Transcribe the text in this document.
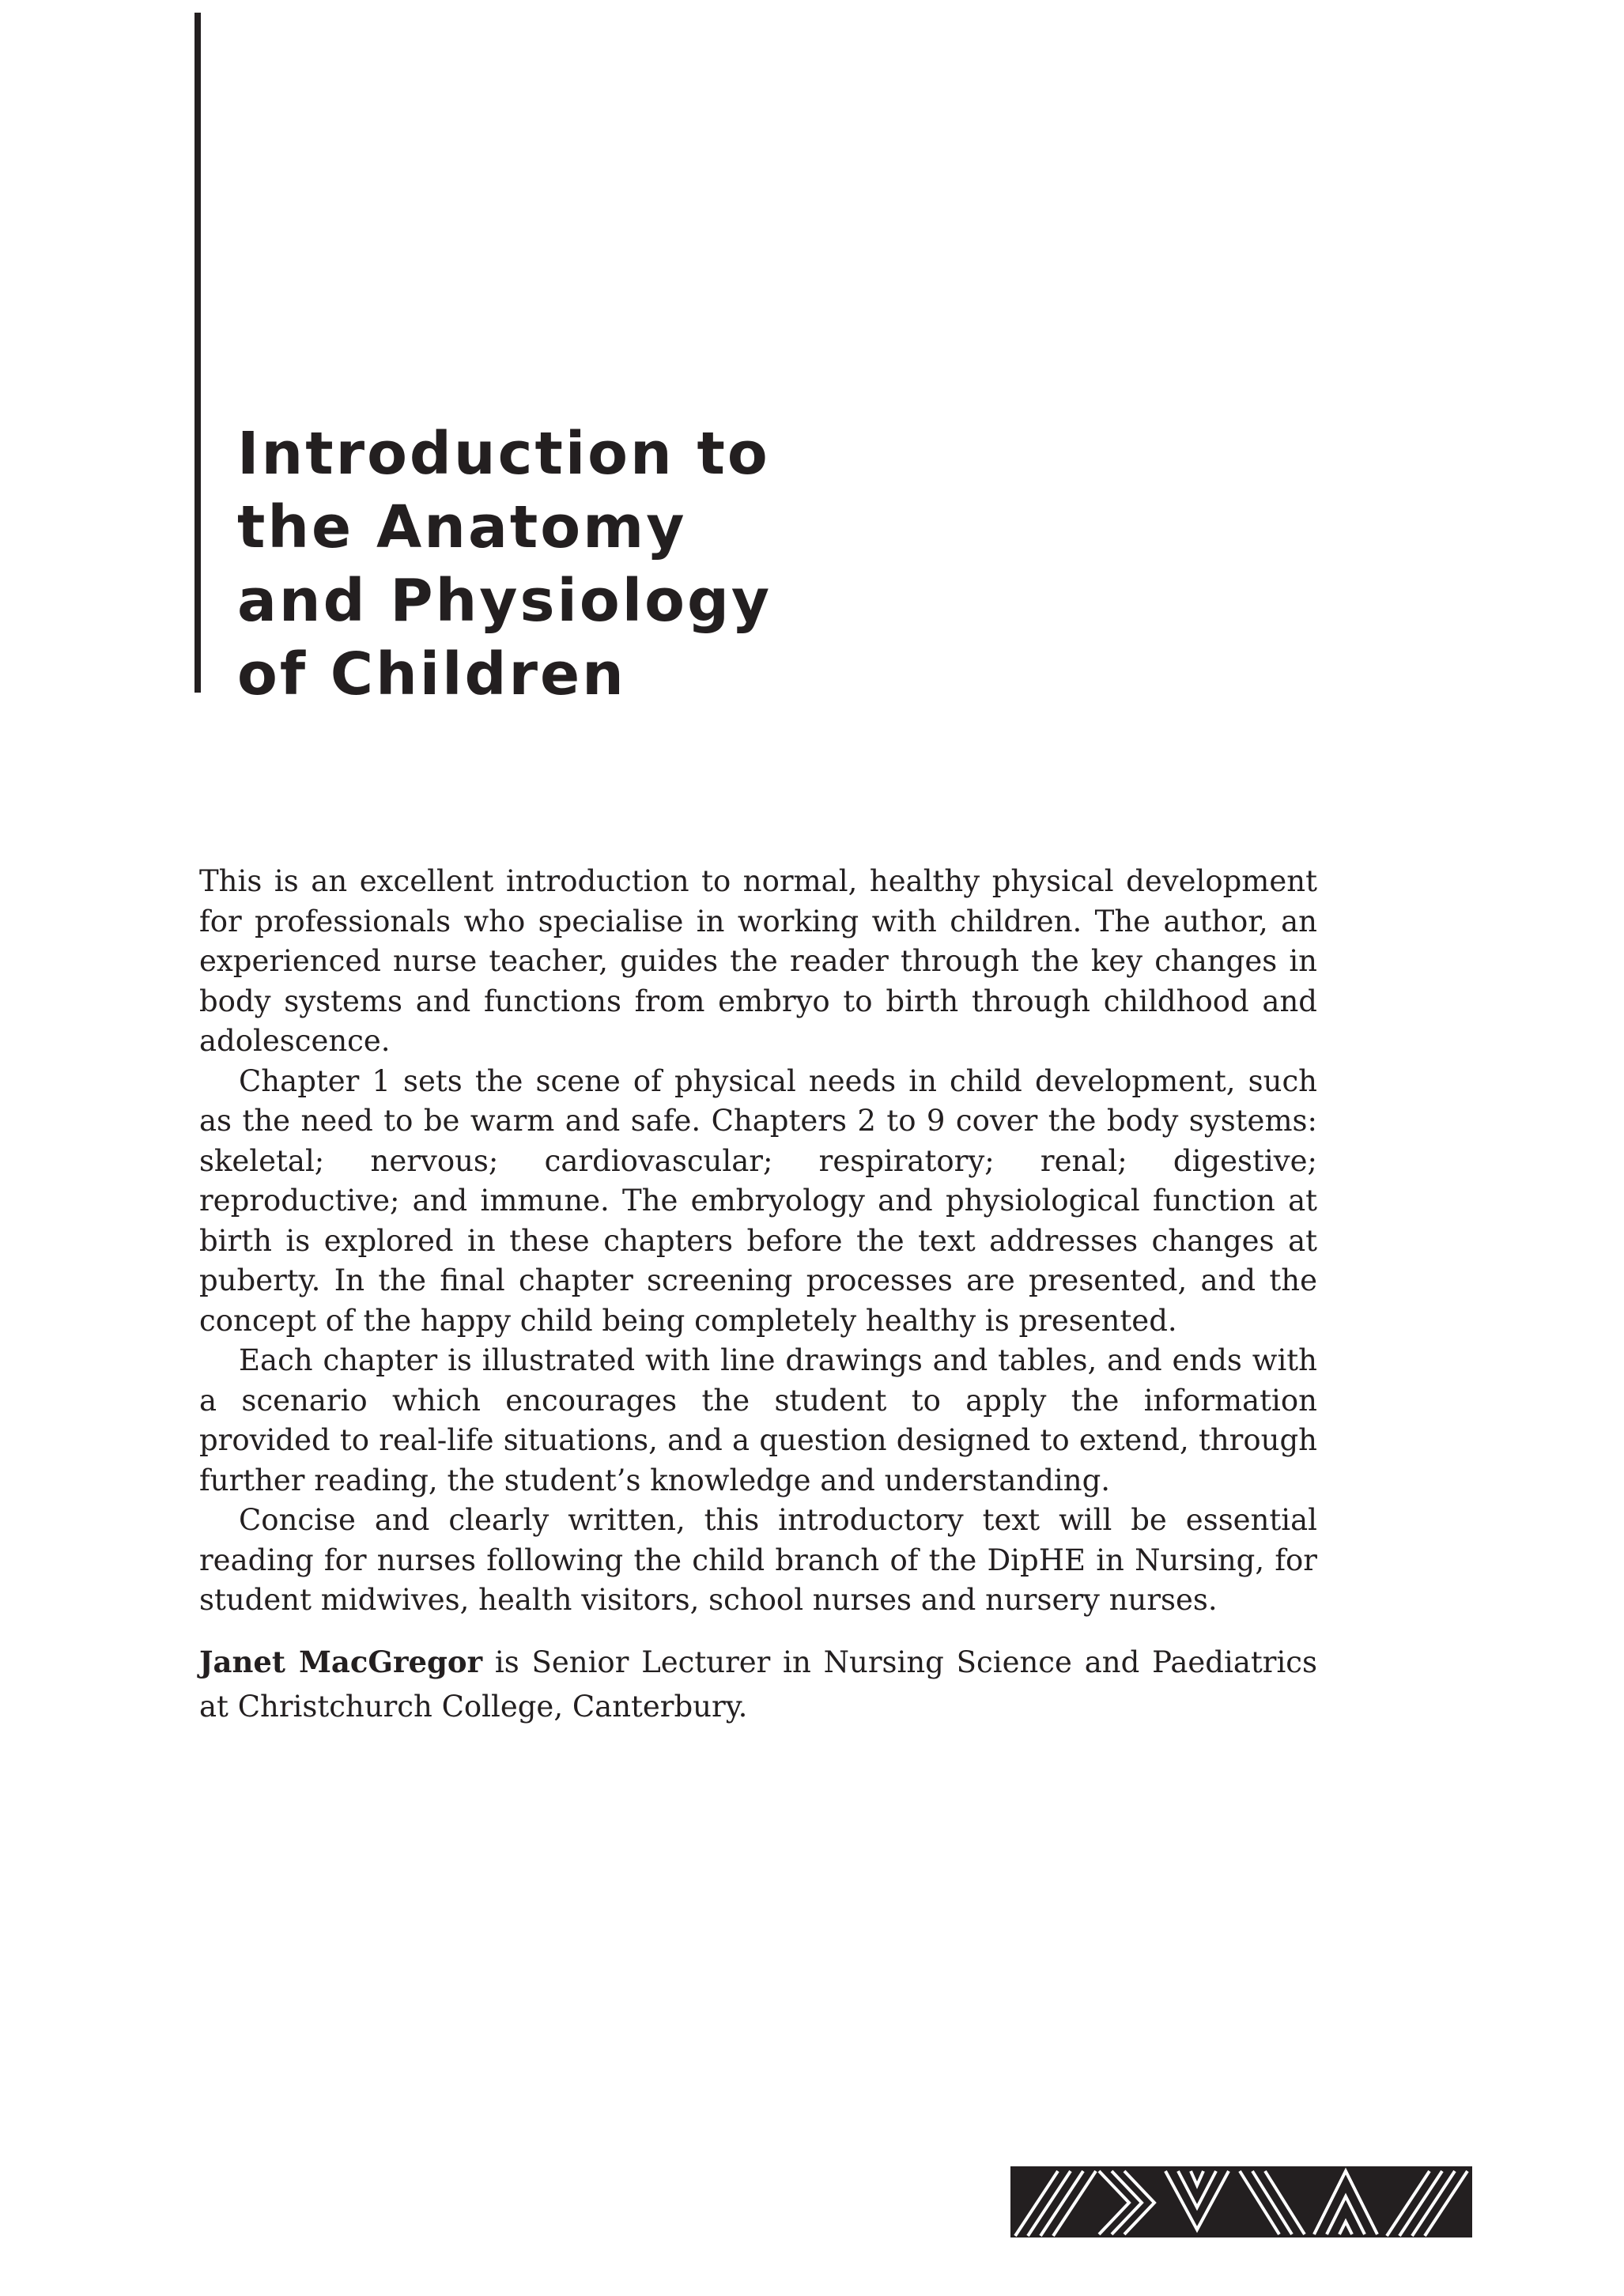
Introduction to
the Anatomy
and Physiology
of Children

This is an excellent introduction to normal, healthy physical development for professionals who specialise in working with children. The author, an experienced nurse teacher, guides the reader through the key changes in body systems and functions from embryo to birth through childhood and adolescence.

Chapter 1 sets the scene of physical needs in child development, such as the need to be warm and safe. Chapters 2 to 9 cover the body systems: skeletal; nervous; cardiovascular; respiratory; renal; digestive; reproductive; and immune. The embryology and physiological function at birth is explored in these chapters before the text addresses changes at puberty. In the final chapter screening processes are presented, and the concept of the happy child being completely healthy is presented.

Each chapter is illustrated with line drawings and tables, and ends with a scenario which encourages the student to apply the information provided to real-life situations, and a question designed to extend, through further reading, the student’s knowledge and understanding.

Concise and clearly written, this introductory text will be essential reading for nurses following the child branch of the DipHE in Nursing, for student midwives, health visitors, school nurses and nursery nurses.

Janet MacGregor is Senior Lecturer in Nursing Science and Paediatrics at Christchurch College, Canterbury.
